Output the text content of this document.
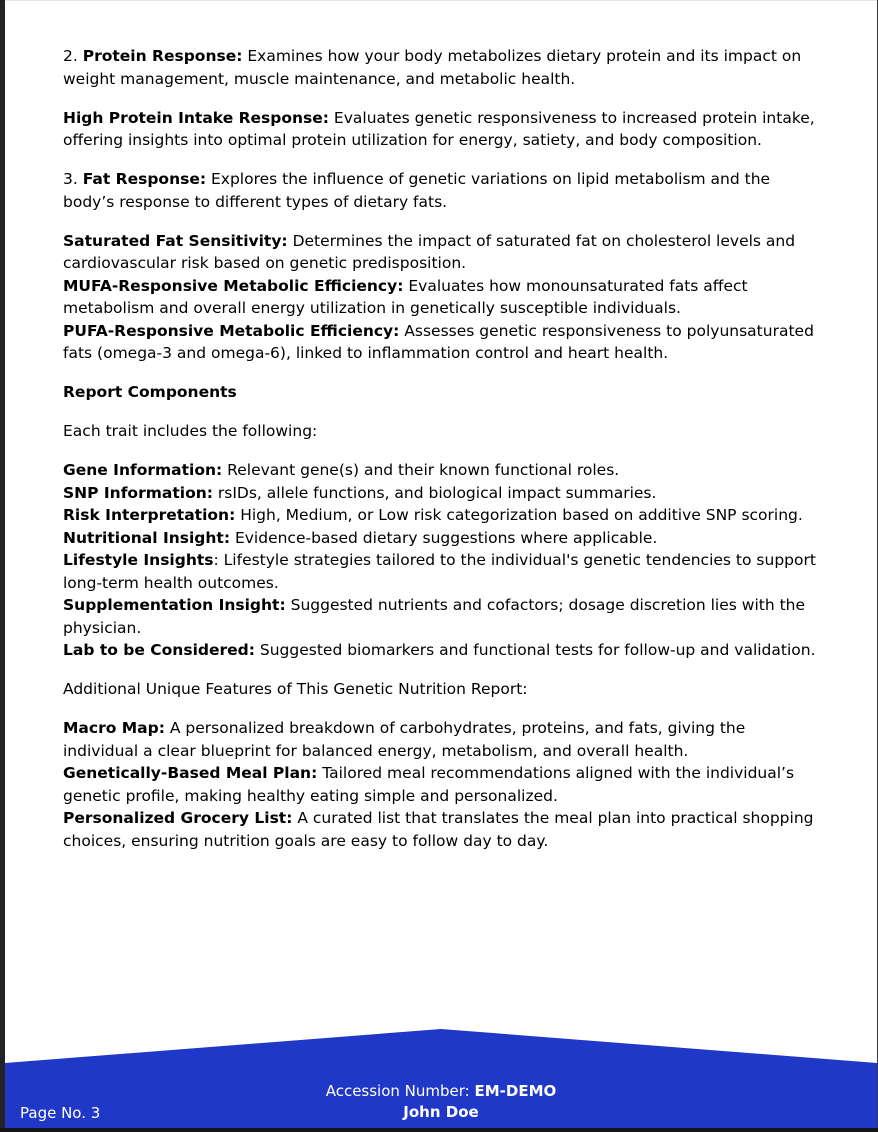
2. Protein Response: Examines how your body metabolizes dietary protein and its impact on weight management, muscle maintenance, and metabolic health.

High Protein Intake Response: Evaluates genetic responsiveness to increased protein intake, offering insights into optimal protein utilization for energy, satiety, and body composition.

3. Fat Response: Explores the influence of genetic variations on lipid metabolism and the body’s response to different types of dietary fats.

Saturated Fat Sensitivity: Determines the impact of saturated fat on cholesterol levels and cardiovascular risk based on genetic predisposition.
MUFA-Responsive Metabolic Efficiency: Evaluates how monounsaturated fats affect metabolism and overall energy utilization in genetically susceptible individuals.
PUFA-Responsive Metabolic Efficiency: Assesses genetic responsiveness to polyunsaturated fats (omega-3 and omega-6), linked to inflammation control and heart health.

Report Components

Each trait includes the following:

Gene Information: Relevant gene(s) and their known functional roles.
SNP Information: rsIDs, allele functions, and biological impact summaries.
Risk Interpretation: High, Medium, or Low risk categorization based on additive SNP scoring.
Nutritional Insight: Evidence-based dietary suggestions where applicable.
Lifestyle Insights: Lifestyle strategies tailored to the individual's genetic tendencies to support long-term health outcomes.
Supplementation Insight: Suggested nutrients and cofactors; dosage discretion lies with the physician.
Lab to be Considered: Suggested biomarkers and functional tests for follow-up and validation.

Additional Unique Features of This Genetic Nutrition Report:

Macro Map: A personalized breakdown of carbohydrates, proteins, and fats, giving the individual a clear blueprint for balanced energy, metabolism, and overall health.
Genetically-Based Meal Plan: Tailored meal recommendations aligned with the individual’s genetic profile, making healthy eating simple and personalized.
Personalized Grocery List: A curated list that translates the meal plan into practical shopping choices, ensuring nutrition goals are easy to follow day to day.

Accession Number: EM-DEMO
John Doe
Page No. 3
